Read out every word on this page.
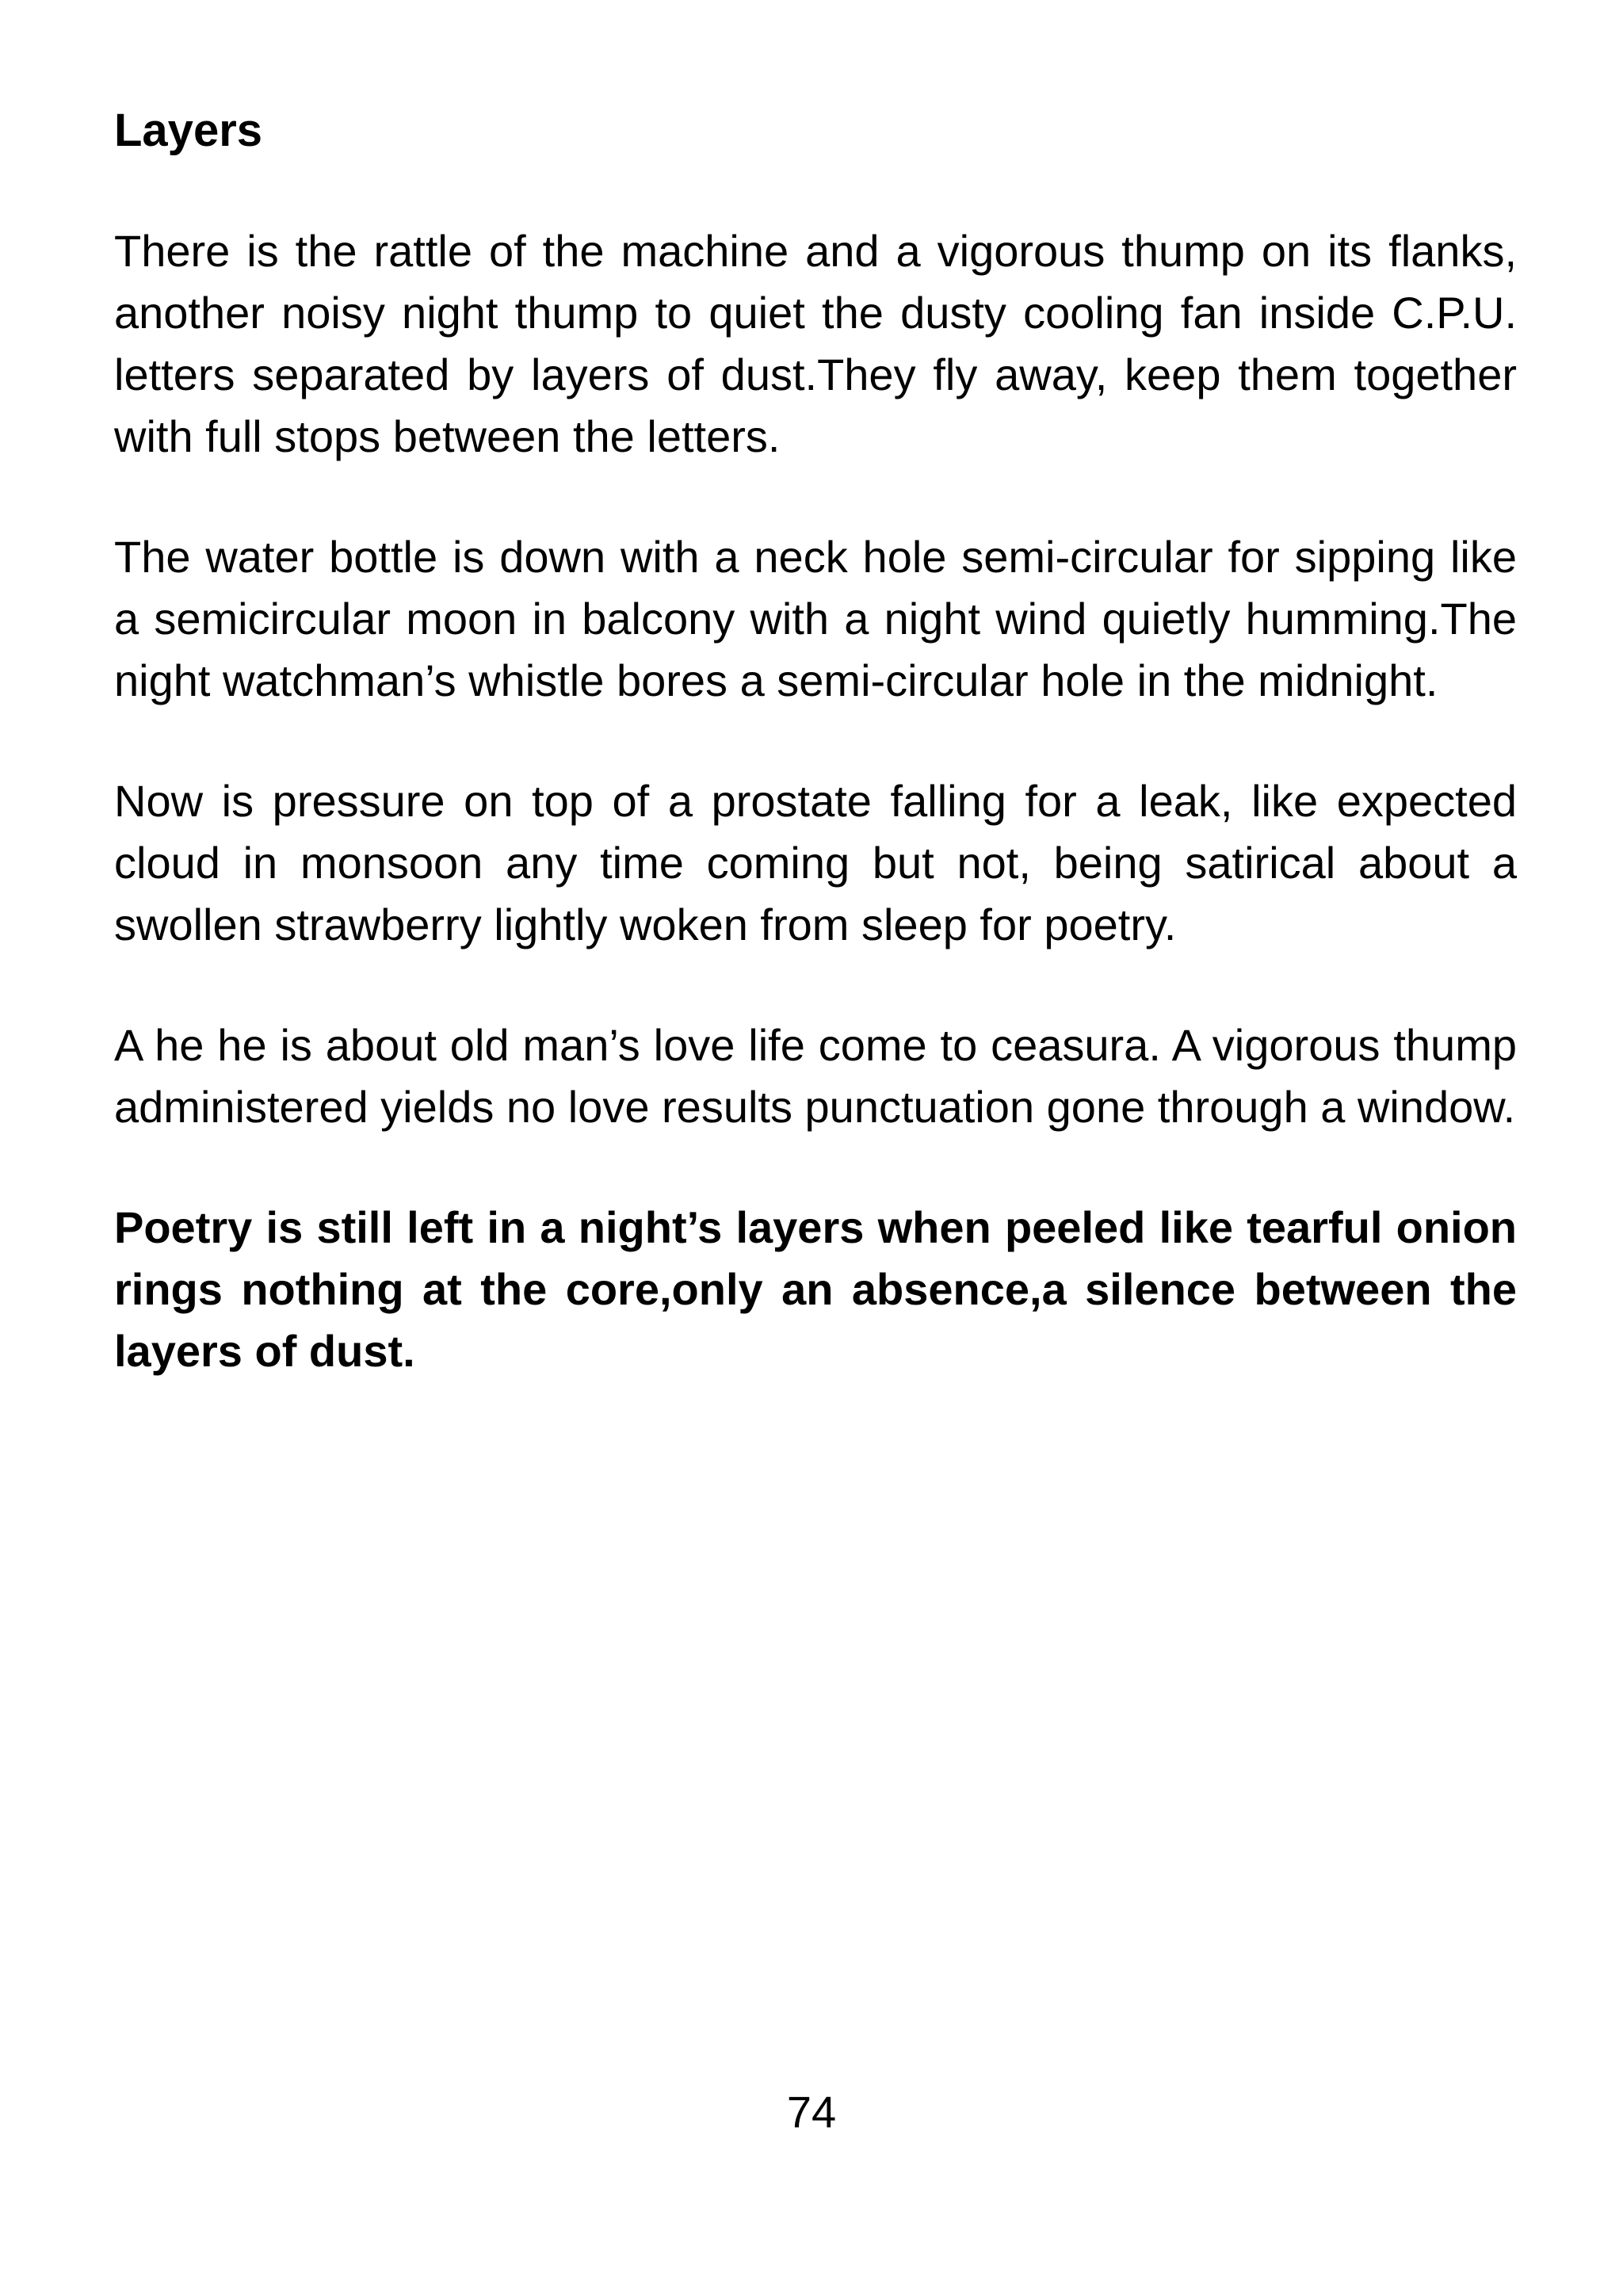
Layers

There is the rattle of the machine and a vigorous thump on its flanks, another noisy night thump to quiet the dusty cooling fan inside C.P.U. letters separated by layers of dust.They fly away, keep them together with full stops between the letters.

The water bottle is down with a neck hole semi-circular for sipping like a semicircular moon in balcony with a night wind quietly humming.The night watchman’s whistle bores a semi-circular hole in the midnight.

Now is pressure on top of a prostate falling for a leak, like expected cloud in monsoon any time coming but not, being satirical about a swollen strawberry lightly woken from sleep for poetry.

A he he is about old man’s love life come to ceasura. A vigorous thump administered yields no love results punctuation gone through a window.

Poetry is still left in a night’s layers when peeled like tearful onion rings nothing at the core,only an absence,a silence between the layers of dust.

74
